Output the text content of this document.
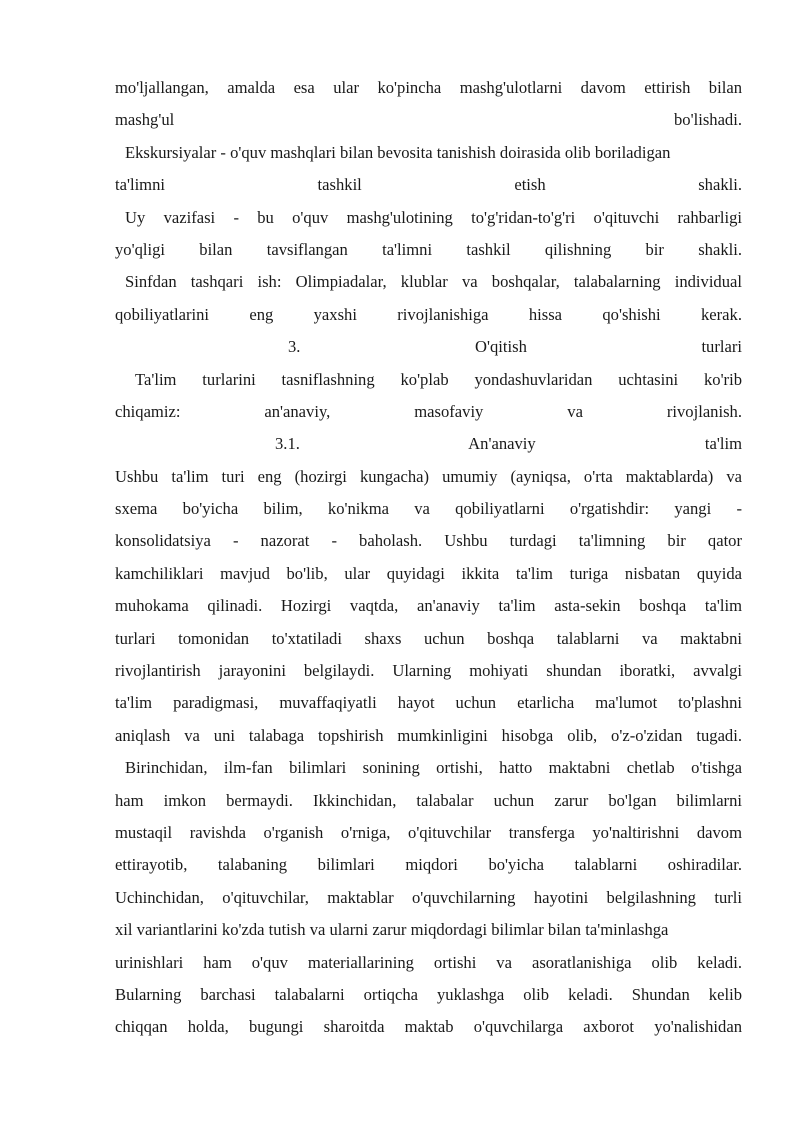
mo'ljallangan, amalda esa ular ko'pincha mashg'ulotlarni davom ettirish bilan
mashg'ul bo'lishadi.
Ekskursiyalar - o'quv mashqlari bilan bevosita tanishish doirasida olib boriladigan
ta'limni tashkil etish shakli.
Uy vazifasi - bu o'quv mashg'ulotining to'g'ridan-to'g'ri o'qituvchi rahbarligi
yo'qligi bilan tavsiflangan ta'limni tashkil qilishning bir shakli.
Sinfdan tashqari ish: Olimpiadalar, klublar va boshqalar, talabalarning individual
qobiliyatlarini eng yaxshi rivojlanishiga hissa qo'shishi kerak.
3. O'qitish turlari
Ta'lim turlarini tasniflashning ko'plab yondashuvlaridan uchtasini ko'rib
chiqamiz: an'anaviy, masofaviy va rivojlanish.
3.1. An'anaviy ta'lim
Ushbu ta'lim turi eng (hozirgi kungacha) umumiy (ayniqsa, o'rta maktablarda) va
sxema bo'yicha bilim, ko'nikma va qobiliyatlarni o'rgatishdir: yangi -
konsolidatsiya - nazorat - baholash. Ushbu turdagi ta'limning bir qator
kamchiliklari mavjud bo'lib, ular quyidagi ikkita ta'lim turiga nisbatan quyida
muhokama qilinadi. Hozirgi vaqtda, an'anaviy ta'lim asta-sekin boshqa ta'lim
turlari tomonidan to'xtatiladi shaxs uchun boshqa talablarni va maktabni
rivojlantirish jarayonini belgilaydi. Ularning mohiyati shundan iboratki, avvalgi
ta'lim paradigmasi, muvaffaqiyatli hayot uchun etarlicha ma'lumot to'plashni
aniqlash va uni talabaga topshirish mumkinligini hisobga olib, o'z-o'zidan tugadi.
Birinchidan, ilm-fan bilimlari sonining ortishi, hatto maktabni chetlab o'tishga
ham imkon bermaydi. Ikkinchidan, talabalar uchun zarur bo'lgan bilimlarni
mustaqil ravishda o'rganish o'rniga, o'qituvchilar transferga yo'naltirishni davom
ettirayotib, talabaning bilimlari miqdori bo'yicha talablarni oshiradilar.
Uchinchidan, o'qituvchilar, maktablar o'quvchilarning hayotini belgilashning turli
xil variantlarini ko'zda tutish va ularni zarur miqdordagi bilimlar bilan ta'minlashga
urinishlari ham o'quv materiallarining ortishi va asoratlanishiga olib keladi.
Bularning barchasi talabalarni ortiqcha yuklashga olib keladi. Shundan kelib
chiqqan holda, bugungi sharoitda maktab o'quvchilarga axborot yo'nalishidan
